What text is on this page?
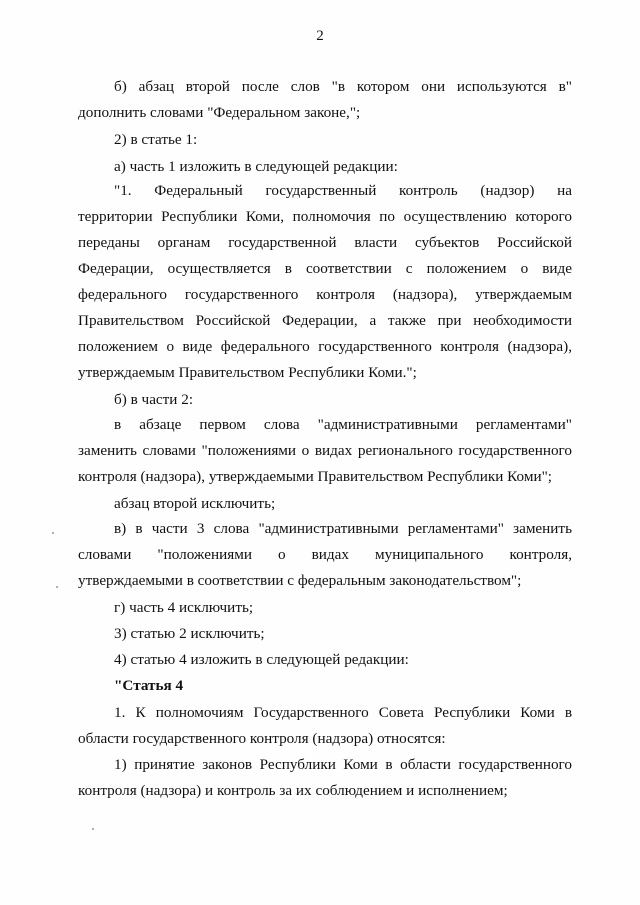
2
б) абзац второй после слов "в котором они используются в"
дополнить словами "Федеральном законе,";
2) в статье 1:
а) часть 1 изложить в следующей редакции:
"1. Федеральный государственный контроль (надзор) на
территории Республики Коми, полномочия по осуществлению которого
переданы органам государственной власти субъектов Российской
Федерации, осуществляется в соответствии с положением о виде
федерального государственного контроля (надзора), утверждаемым
Правительством Российской Федерации, а также при необходимости
положением о виде федерального государственного контроля (надзора),
утверждаемым Правительством Республики Коми.";
б) в части 2:
в абзаце первом слова "административными регламентами"
заменить словами "положениями о видах регионального государственного
контроля (надзора), утверждаемыми Правительством Республики Коми";
абзац второй исключить;
в) в части 3 слова "административными регламентами" заменить
словами "положениями о видах муниципального контроля,
утверждаемыми в соответствии с федеральным законодательством";
г) часть 4 исключить;
3) статью 2 исключить;
4) статью 4 изложить в следующей редакции:
"Статья 4
1. К полномочиям Государственного Совета Республики Коми в
области государственного контроля (надзора) относятся:
1) принятие законов Республики Коми в области государственного
контроля (надзора) и контроль за их соблюдением и исполнением;
